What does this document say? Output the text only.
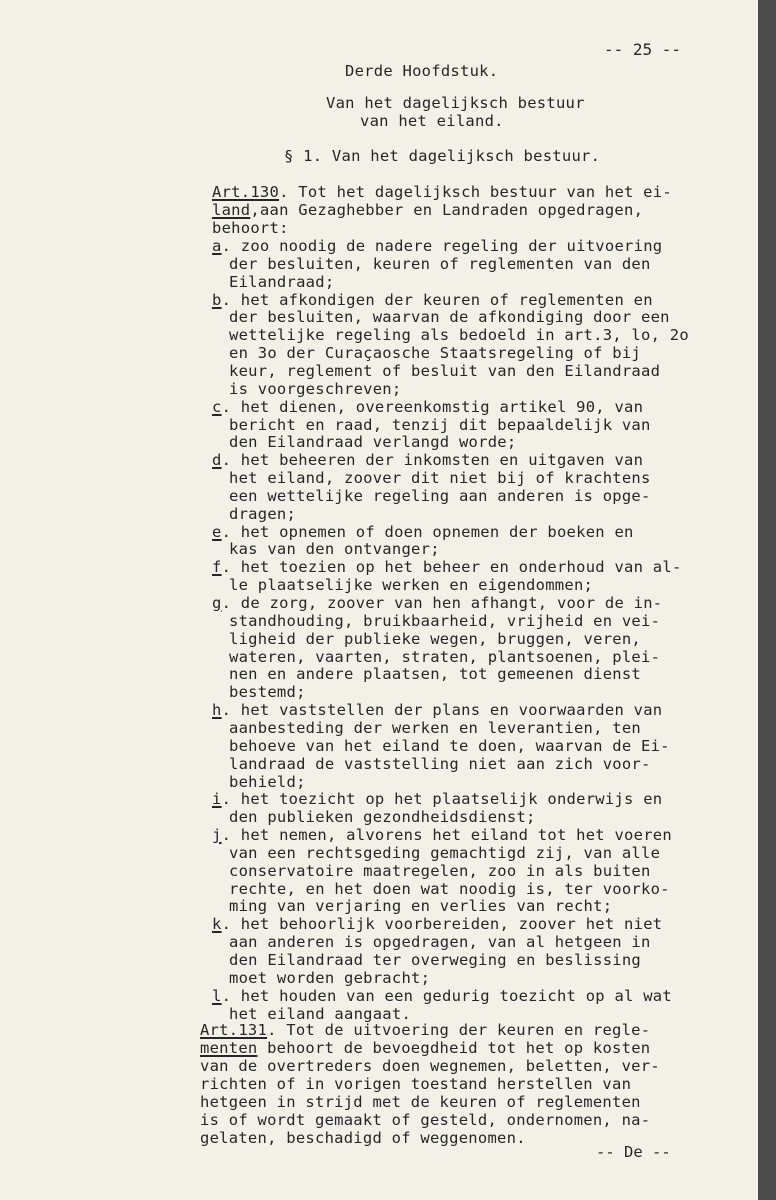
-- 25 --
Derde Hoofdstuk.
Van het dagelijksch bestuur
van het eiland.
§ 1. Van het dagelijksch bestuur.
Art.130. Tot het dagelijksch bestuur van het ei-
land,aan Gezaghebber en Landraden opgedragen,
behoort:
a. zoo noodig de nadere regeling der uitvoering
der besluiten, keuren of reglementen van den
Eilandraad;
b. het afkondigen der keuren of reglementen en
der besluiten, waarvan de afkondiging door een
wettelijke regeling als bedoeld in art.3, lo, 2o
en 3o der Curaçaosche Staatsregeling of bij
keur, reglement of besluit van den Eilandraad
is voorgeschreven;
c. het dienen, overeenkomstig artikel 90, van
bericht en raad, tenzij dit bepaaldelijk van
den Eilandraad verlangd worde;
d. het beheeren der inkomsten en uitgaven van
het eiland, zoover dit niet bij of krachtens
een wettelijke regeling aan anderen is opge-
dragen;
e. het opnemen of doen opnemen der boeken en
kas van den ontvanger;
f. het toezien op het beheer en onderhoud van al-
le plaatselijke werken en eigendommen;
g. de zorg, zoover van hen afhangt, voor de in-
standhouding, bruikbaarheid, vrijheid en vei-
ligheid der publieke wegen, bruggen, veren,
wateren, vaarten, straten, plantsoenen, plei-
nen en andere plaatsen, tot gemeenen dienst
bestemd;
h. het vaststellen der plans en voorwaarden van
aanbesteding der werken en leverantien, ten
behoeve van het eiland te doen, waarvan de Ei-
landraad de vaststelling niet aan zich voor-
behield;
i. het toezicht op het plaatselijk onderwijs en
den publieken gezondheidsdienst;
j. het nemen, alvorens het eiland tot het voeren
van een rechtsgeding gemachtigd zij, van alle
conservatoire maatregelen, zoo in als buiten
rechte, en het doen wat noodig is, ter voorko-
ming van verjaring en verlies van recht;
k. het behoorlijk voorbereiden, zoover het niet
aan anderen is opgedragen, van al hetgeen in
den Eilandraad ter overweging en beslissing
moet worden gebracht;
l. het houden van een gedurig toezicht op al wat
het eiland aangaat.
Art.131. Tot de uitvoering der keuren en regle-
menten behoort de bevoegdheid tot het op kosten
van de overtreders doen wegnemen, beletten, ver-
richten of in vorigen toestand herstellen van
hetgeen in strijd met de keuren of reglementen
is of wordt gemaakt of gesteld, ondernomen, na-
gelaten, beschadigd of weggenomen.
-- De --
